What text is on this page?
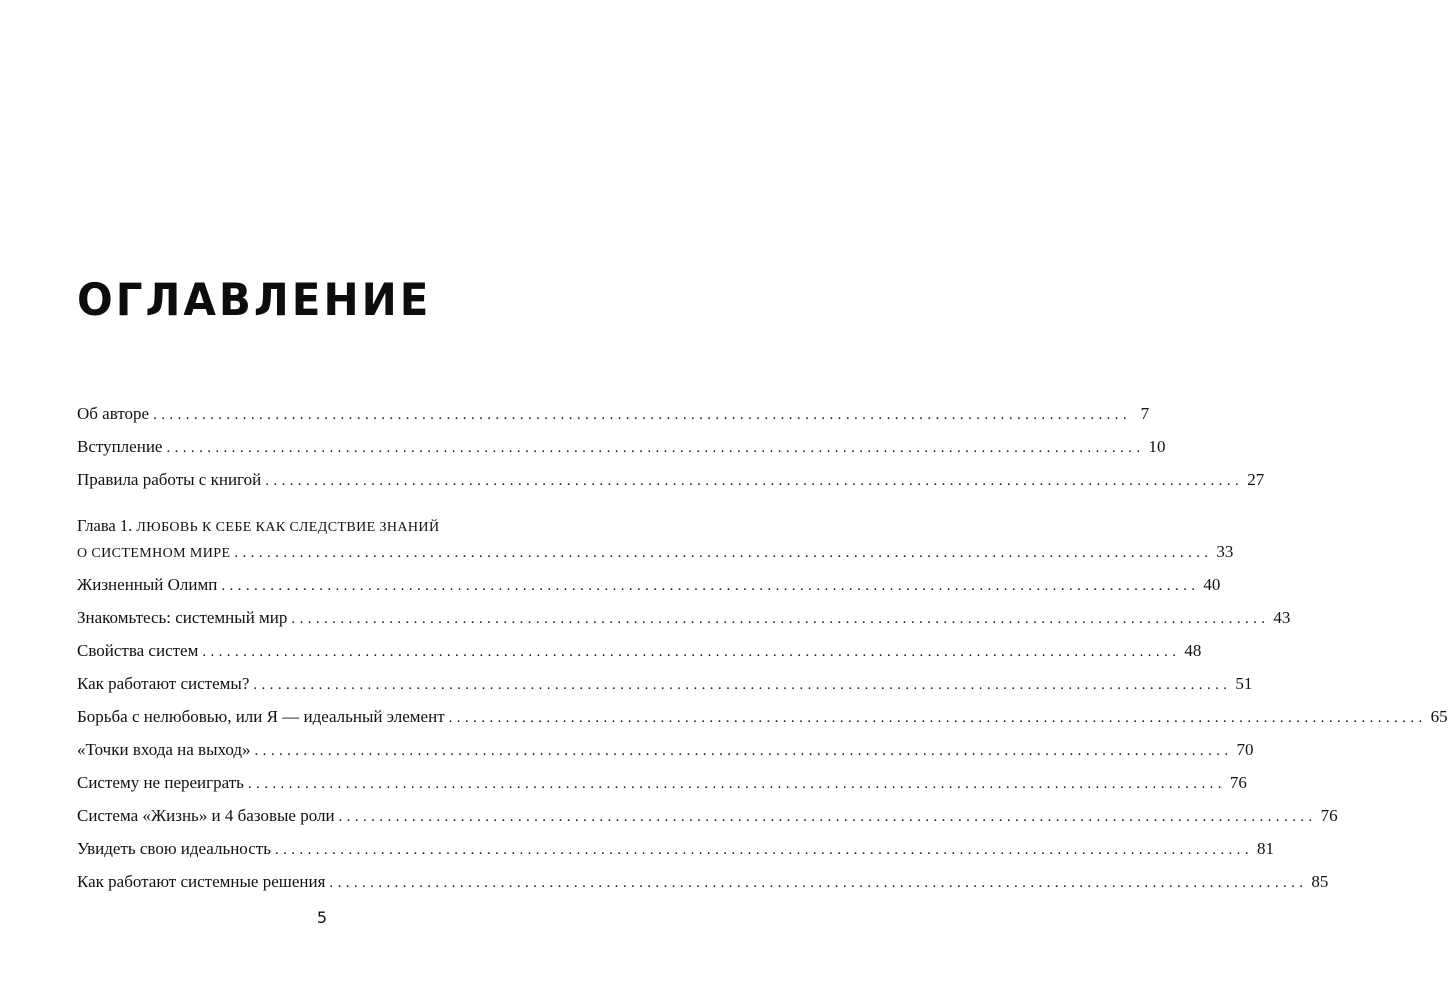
ОГЛАВЛЕНИЕ
Об авторе ........................................................................................................................ 7
Вступление ........................................................................................................................ 10
Правила работы с книгой ........................................................................................................................ 27
Глава 1. ЛЮБОВЬ К СЕБЕ КАК СЛЕДСТВИЕ ЗНАНИЙ
О СИСТЕМНОМ МИРЕ ........................................................................................................................ 33
Жизненный Олимп ........................................................................................................................ 40
Знакомьтесь: системный мир ........................................................................................................................ 43
Свойства систем ........................................................................................................................ 48
Как работают системы? ........................................................................................................................ 51
Борьба с нелюбовью, или Я — идеальный элемент ........................................................................................................................ 65
«Точки входа на выход» ........................................................................................................................ 70
Систему не переиграть ........................................................................................................................ 76
Система «Жизнь» и 4 базовые роли ........................................................................................................................ 76
Увидеть свою идеальность ........................................................................................................................ 81
Как работают системные решения ........................................................................................................................ 85
5
